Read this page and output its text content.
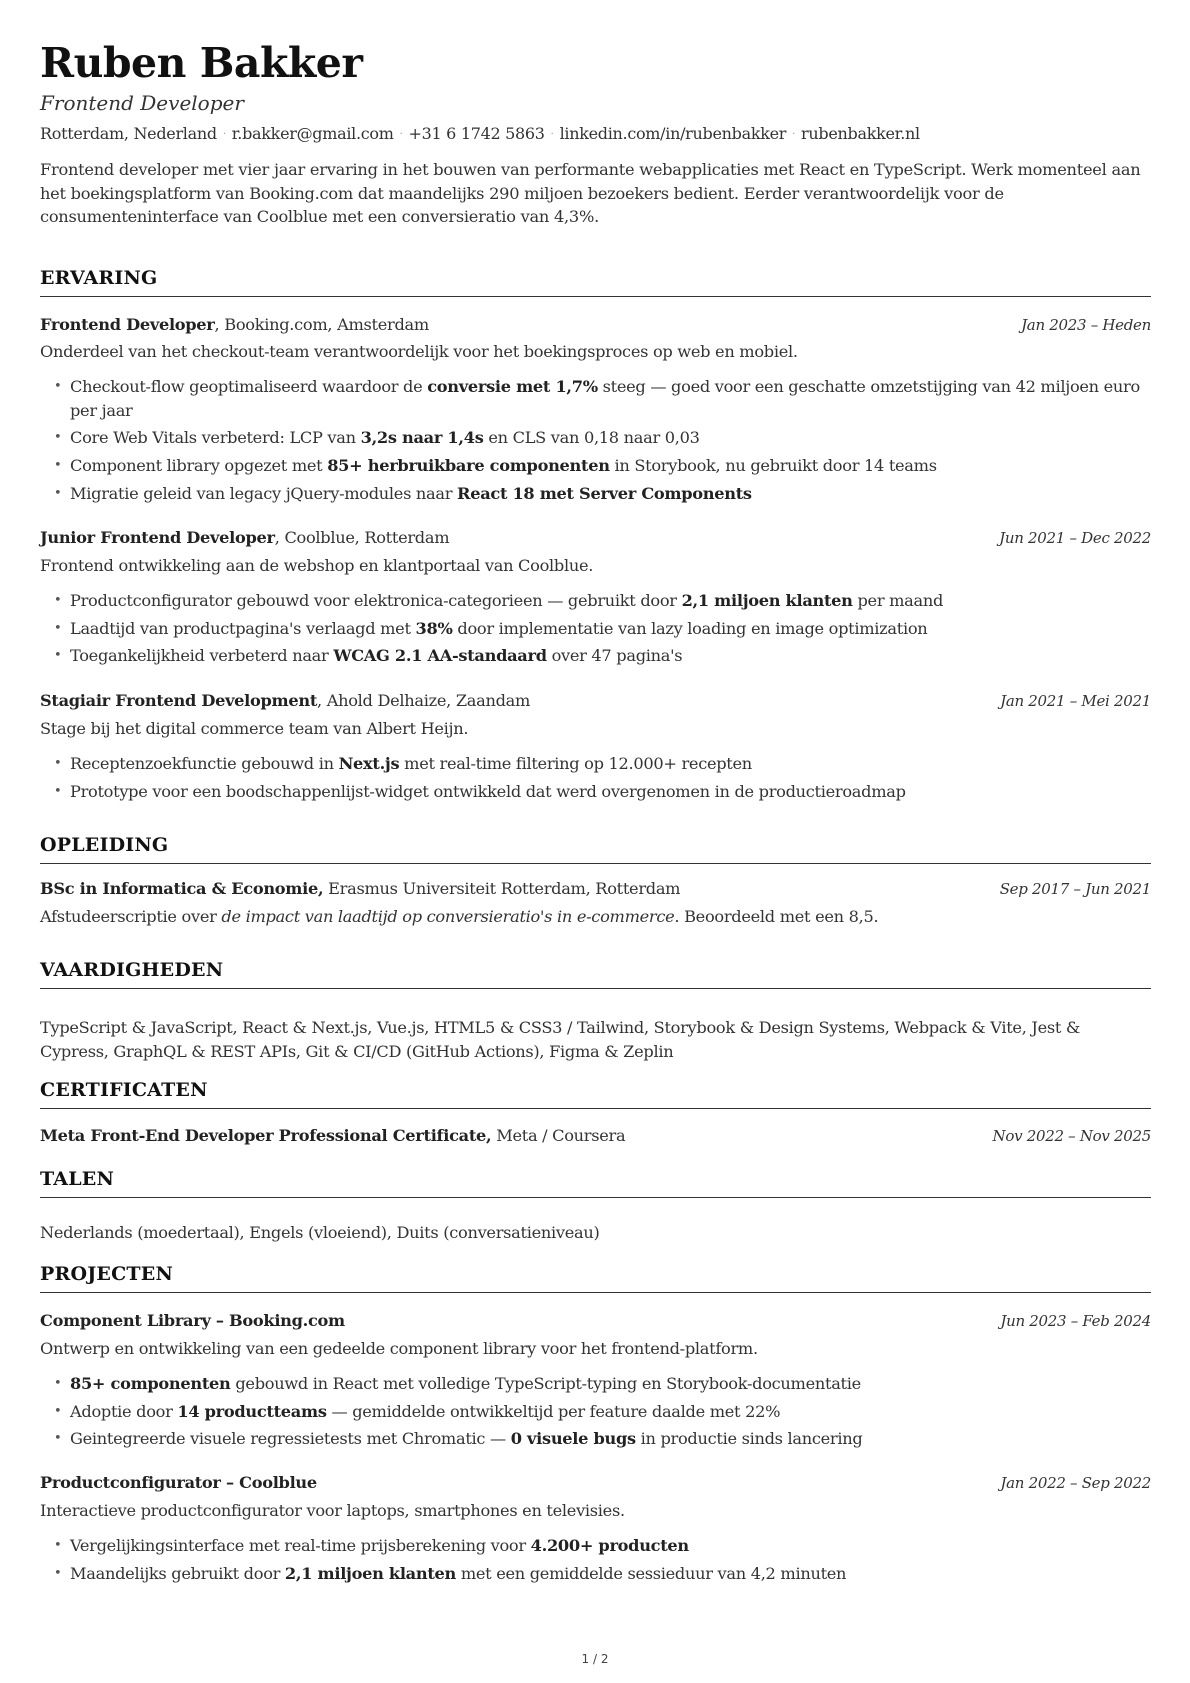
Ruben Bakker
Frontend Developer
Rotterdam, Nederland · r.bakker@gmail.com · +31 6 1742 5863 · linkedin.com/in/rubenbakker · rubenbakker.nl
Frontend developer met vier jaar ervaring in het bouwen van performante webapplicaties met React en TypeScript. Werk momenteel aan het boekingsplatform van Booking.com dat maandelijks 290 miljoen bezoekers bedient. Eerder verantwoordelijk voor de consumenteninterface van Coolblue met een conversieratio van 4,3%.
ERVARING
Frontend Developer, Booking.com, Amsterdam	Jan 2023 – Heden
Onderdeel van het checkout-team verantwoordelijk voor het boekingsproces op web en mobiel.
• Checkout-flow geoptimaliseerd waardoor de conversie met 1,7% steeg — goed voor een geschatte omzetstijging van 42 miljoen euro per jaar
• Core Web Vitals verbeterd: LCP van 3,2s naar 1,4s en CLS van 0,18 naar 0,03
• Component library opgezet met 85+ herbruikbare componenten in Storybook, nu gebruikt door 14 teams
• Migratie geleid van legacy jQuery-modules naar React 18 met Server Components
Junior Frontend Developer, Coolblue, Rotterdam	Jun 2021 – Dec 2022
Frontend ontwikkeling aan de webshop en klantportaal van Coolblue.
• Productconfigurator gebouwd voor elektronica-categorieen — gebruikt door 2,1 miljoen klanten per maand
• Laadtijd van productpagina's verlaagd met 38% door implementatie van lazy loading en image optimization
• Toegankelijkheid verbeterd naar WCAG 2.1 AA-standaard over 47 pagina's
Stagiair Frontend Development, Ahold Delhaize, Zaandam	Jan 2021 – Mei 2021
Stage bij het digital commerce team van Albert Heijn.
• Receptenzoekfunctie gebouwd in Next.js met real-time filtering op 12.000+ recepten
• Prototype voor een boodschappenlijst-widget ontwikkeld dat werd overgenomen in de productieroadmap
OPLEIDING
BSc in Informatica & Economie, Erasmus Universiteit Rotterdam, Rotterdam	Sep 2017 – Jun 2021
Afstudeerscriptie over de impact van laadtijd op conversieratio's in e-commerce. Beoordeeld met een 8,5.
VAARDIGHEDEN
TypeScript & JavaScript, React & Next.js, Vue.js, HTML5 & CSS3 / Tailwind, Storybook & Design Systems, Webpack & Vite, Jest &
Cypress, GraphQL & REST APIs, Git & CI/CD (GitHub Actions), Figma & Zeplin
CERTIFICATEN
Meta Front-End Developer Professional Certificate, Meta / Coursera	Nov 2022 – Nov 2025
TALEN
Nederlands (moedertaal), Engels (vloeiend), Duits (conversatieniveau)
PROJECTEN
Component Library – Booking.com	Jun 2023 – Feb 2024
Ontwerp en ontwikkeling van een gedeelde component library voor het frontend-platform.
• 85+ componenten gebouwd in React met volledige TypeScript-typing en Storybook-documentatie
• Adoptie door 14 productteams — gemiddelde ontwikkeltijd per feature daalde met 22%
• Geintegreerde visuele regressietests met Chromatic — 0 visuele bugs in productie sinds lancering
Productconfigurator – Coolblue	Jan 2022 – Sep 2022
Interactieve productconfigurator voor laptops, smartphones en televisies.
• Vergelijkingsinterface met real-time prijsberekening voor 4.200+ producten
• Maandelijks gebruikt door 2,1 miljoen klanten met een gemiddelde sessieduur van 4,2 minuten
1 / 2
